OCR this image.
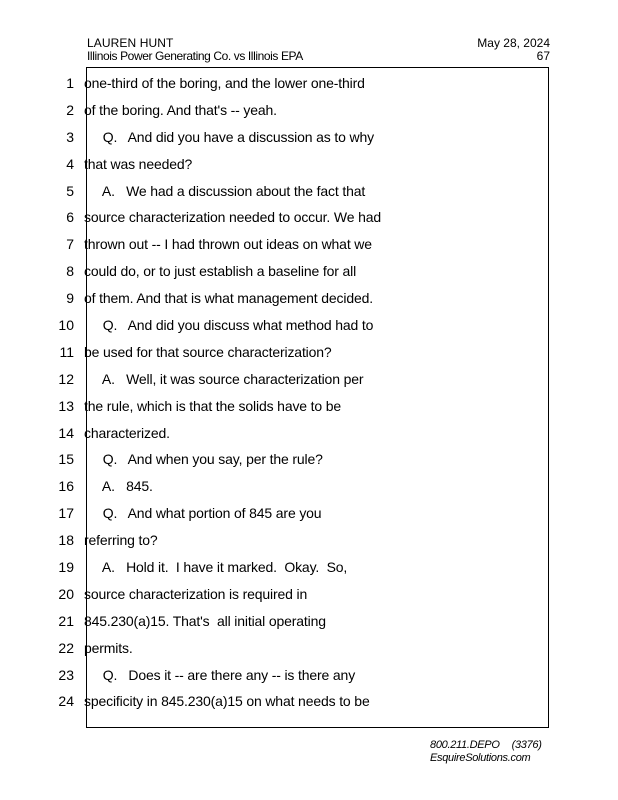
LAUREN HUNT
Illinois Power Generating Co. vs Illinois EPA
May 28, 2024
67
1
2
3
4
5
6
7
8
9
10
11
12
13
14
15
16
17
18
19
20
21
22
23
24
one-third of the boring, and the lower one-third
of the boring. And that's -- yeah.
Q.   And did you have a discussion as to why
that was needed?
A.   We had a discussion about the fact that
source characterization needed to occur. We had
thrown out -- I had thrown out ideas on what we
could do, or to just establish a baseline for all
of them. And that is what management decided.
Q.   And did you discuss what method had to
be used for that source characterization?
A.   Well, it was source characterization per
the rule, which is that the solids have to be
characterized.
Q.   And when you say, per the rule?
A.   845.
Q.   And what portion of 845 are you
referring to?
A.   Hold it.  I have it marked.  Okay.  So,
source characterization is required in
845.230(a)15. That's  all initial operating
permits.
Q.   Does it -- are there any -- is there any
specificity in 845.230(a)15 on what needs to be
800.211.DEPO (3376)
EsquireSolutions.com
